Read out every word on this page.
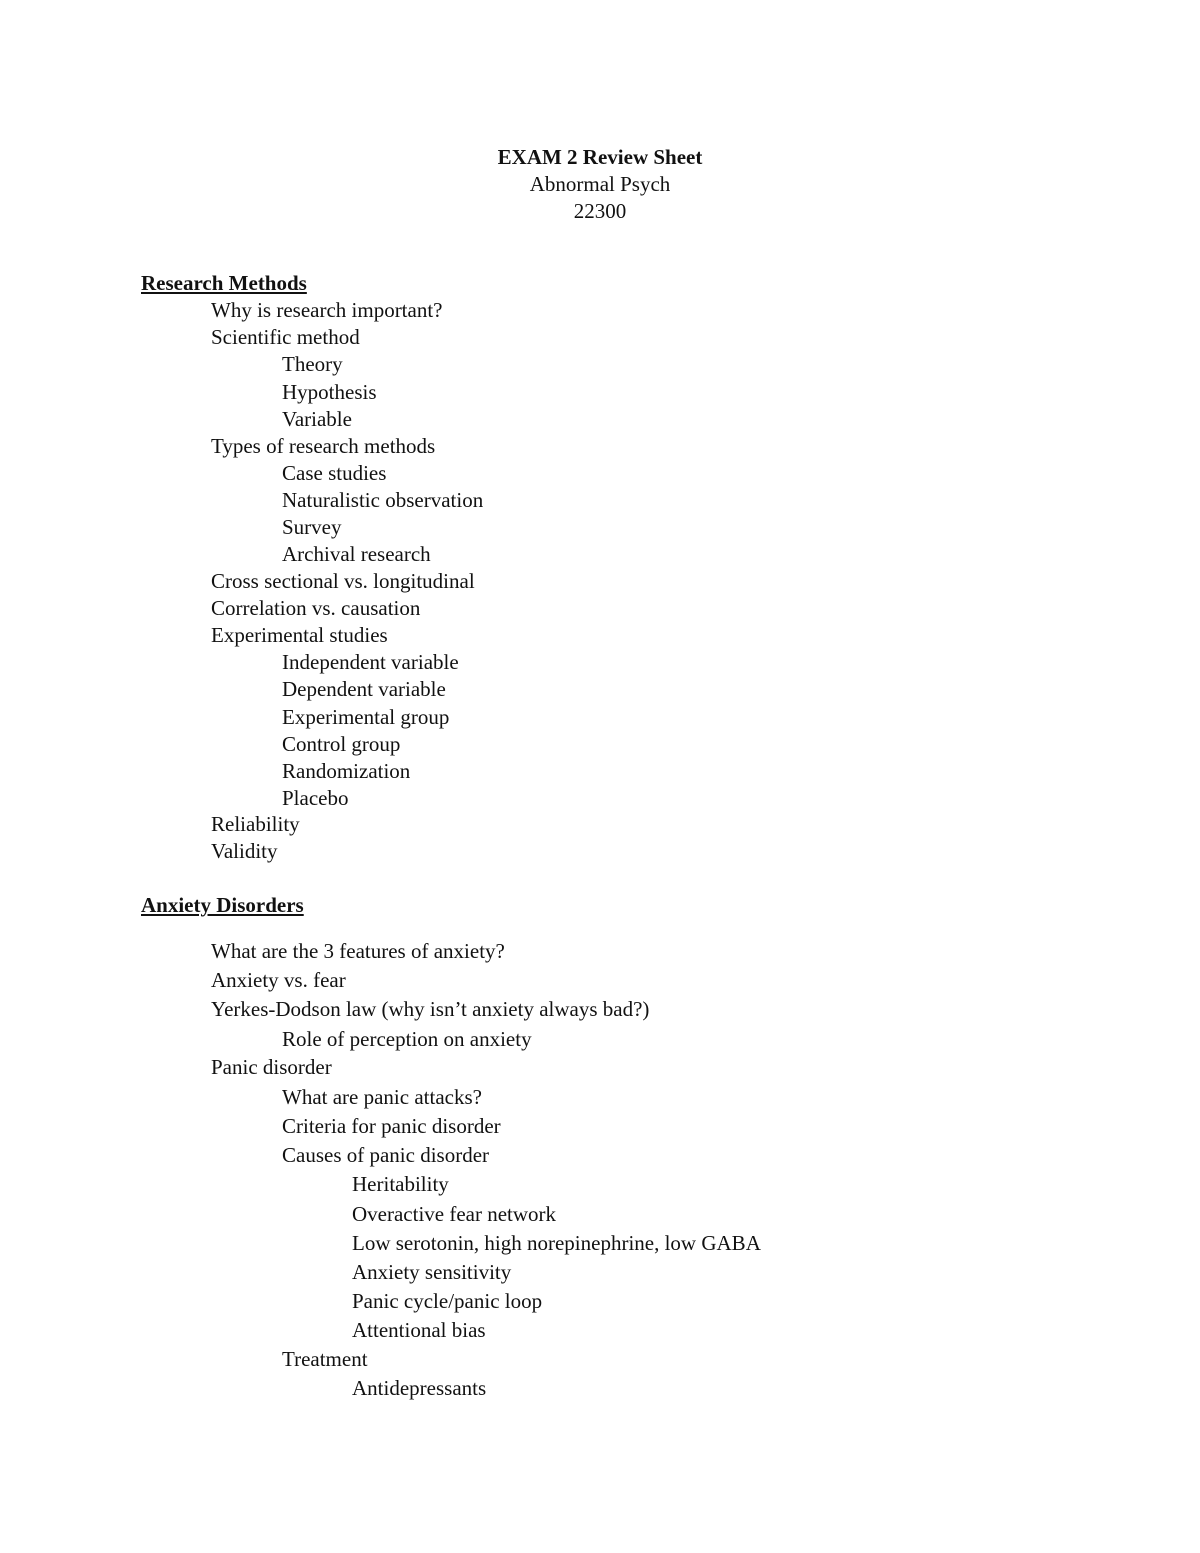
EXAM 2 Review Sheet
Abnormal Psych
22300
Research Methods
Why is research important?
Scientific method
Theory
Hypothesis
Variable
Types of research methods
Case studies
Naturalistic observation
Survey
Archival research
Cross sectional vs. longitudinal
Correlation vs. causation
Experimental studies
Independent variable
Dependent variable
Experimental group
Control group
Randomization
Placebo
Reliability
Validity
Anxiety Disorders
What are the 3 features of anxiety?
Anxiety vs. fear
Yerkes-Dodson law (why isn’t anxiety always bad?)
Role of perception on anxiety
Panic disorder
What are panic attacks?
Criteria for panic disorder
Causes of panic disorder
Heritability
Overactive fear network
Low serotonin, high norepinephrine, low GABA
Anxiety sensitivity
Panic cycle/panic loop
Attentional bias
Treatment
Antidepressants
